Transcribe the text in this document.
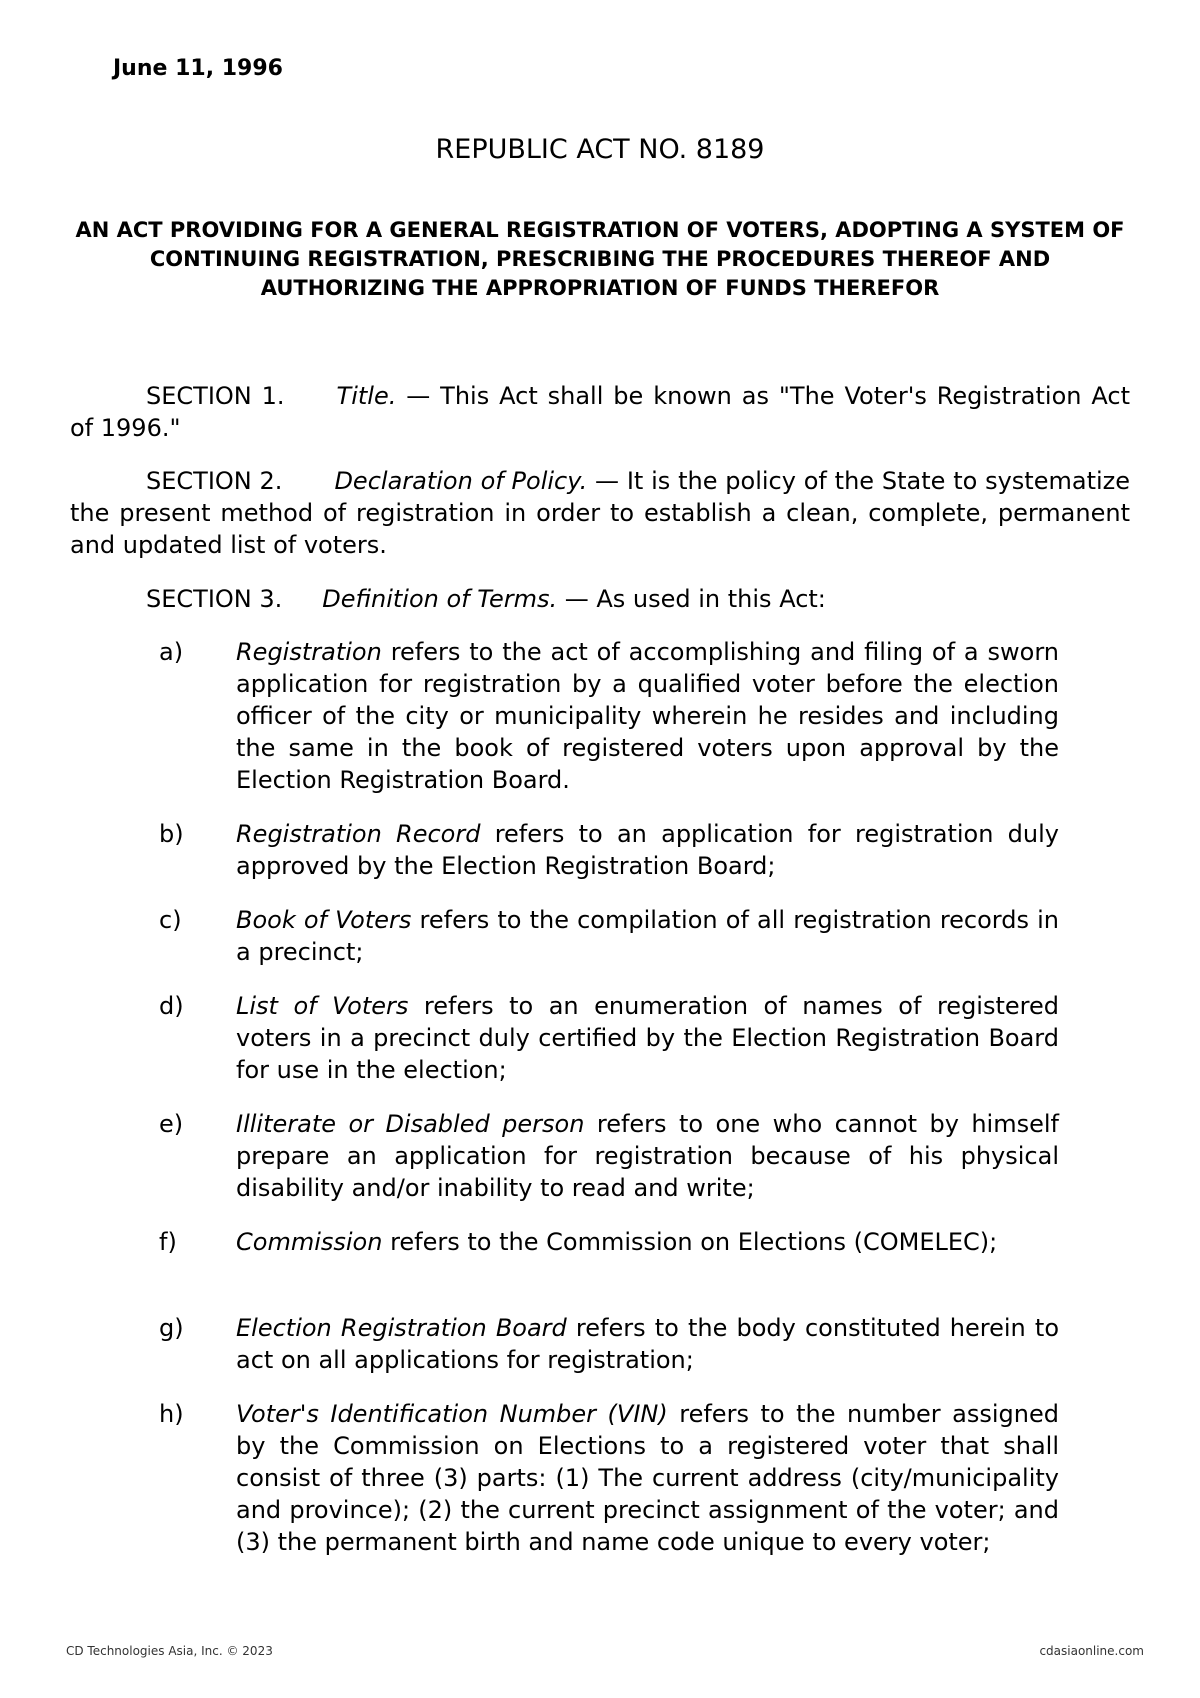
June 11, 1996
REPUBLIC ACT NO. 8189
AN ACT PROVIDING FOR A GENERAL REGISTRATION OF VOTERS, ADOPTING A SYSTEM OF CONTINUING REGISTRATION, PRESCRIBING THE PROCEDURES THEREOF AND AUTHORIZING THE APPROPRIATION OF FUNDS THEREFOR
SECTION 1. Title. — This Act shall be known as "The Voter's Registration Act of 1996."
SECTION 2. Declaration of Policy. — It is the policy of the State to systematize the present method of registration in order to establish a clean, complete, permanent and updated list of voters.
SECTION 3. Definition of Terms. — As used in this Act:
a)	Registration refers to the act of accomplishing and filing of a sworn application for registration by a qualified voter before the election officer of the city or municipality wherein he resides and including the same in the book of registered voters upon approval by the Election Registration Board.
b)	Registration Record refers to an application for registration duly approved by the Election Registration Board;
c)	Book of Voters refers to the compilation of all registration records in a precinct;
d)	List of Voters refers to an enumeration of names of registered voters in a precinct duly certified by the Election Registration Board for use in the election;
e)	Illiterate or Disabled person refers to one who cannot by himself prepare an application for registration because of his physical disability and/or inability to read and write;
f)	Commission refers to the Commission on Elections (COMELEC);
g)	Election Registration Board refers to the body constituted herein to act on all applications for registration;
h)	Voter's Identification Number (VIN) refers to the number assigned by the Commission on Elections to a registered voter that shall consist of three (3) parts: (1) The current address (city/municipality and province); (2) the current precinct assignment of the voter; and (3) the permanent birth and name code unique to every voter;
CD Technologies Asia, Inc. © 2023	cdasiaonline.com
